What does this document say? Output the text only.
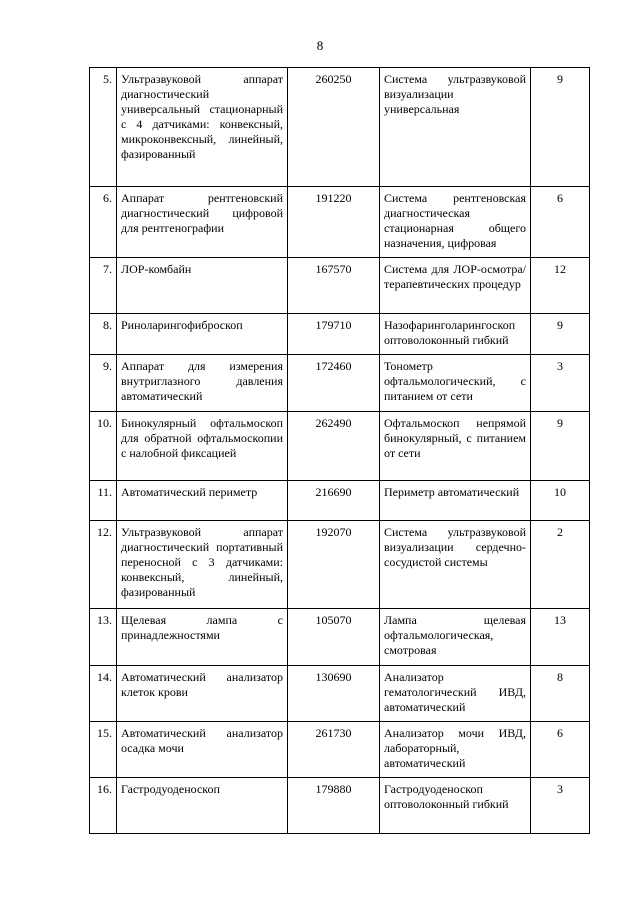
8
5.	Ультразвуковой аппарат диагностический универсальный стационарный с 4 датчиками: конвексный, микроконвексный, линейный, фазированный	260250	Система ультразвуковой визуализации универсальная	9
6.	Аппарат рентгеновский диагностический цифровой для рентгенографии	191220	Система рентгеновская диагностическая стационарная общего назначения, цифровая	6
7.	ЛОР-комбайн	167570	Система для ЛОР-осмотра/терапевтических процедур	12
8.	Риноларингофиброскоп	179710	Назофаринголарингоскоп оптоволоконный гибкий	9
9.	Аппарат для измерения внутриглазного давления автоматический	172460	Тонометр офтальмологический, с питанием от сети	3
10.	Бинокулярный офтальмоскоп для обратной офтальмоскопии с налобной фиксацией	262490	Офтальмоскоп непрямой бинокулярный, с питанием от сети	9
11.	Автоматический периметр	216690	Периметр автоматический	10
12.	Ультразвуковой аппарат диагностический портативный переносной с 3 датчиками: конвексный, линейный, фазированный	192070	Система ультразвуковой визуализации сердечно-сосудистой системы	2
13.	Щелевая лампа с принадлежностями	105070	Лампа щелевая офтальмологическая, смотровая	13
14.	Автоматический анализатор клеток крови	130690	Анализатор гематологический ИВД, автоматический	8
15.	Автоматический анализатор осадка мочи	261730	Анализатор мочи ИВД, лабораторный, автоматический	6
16.	Гастродуоденоскоп	179880	Гастродуоденоскоп оптоволоконный гибкий	3
